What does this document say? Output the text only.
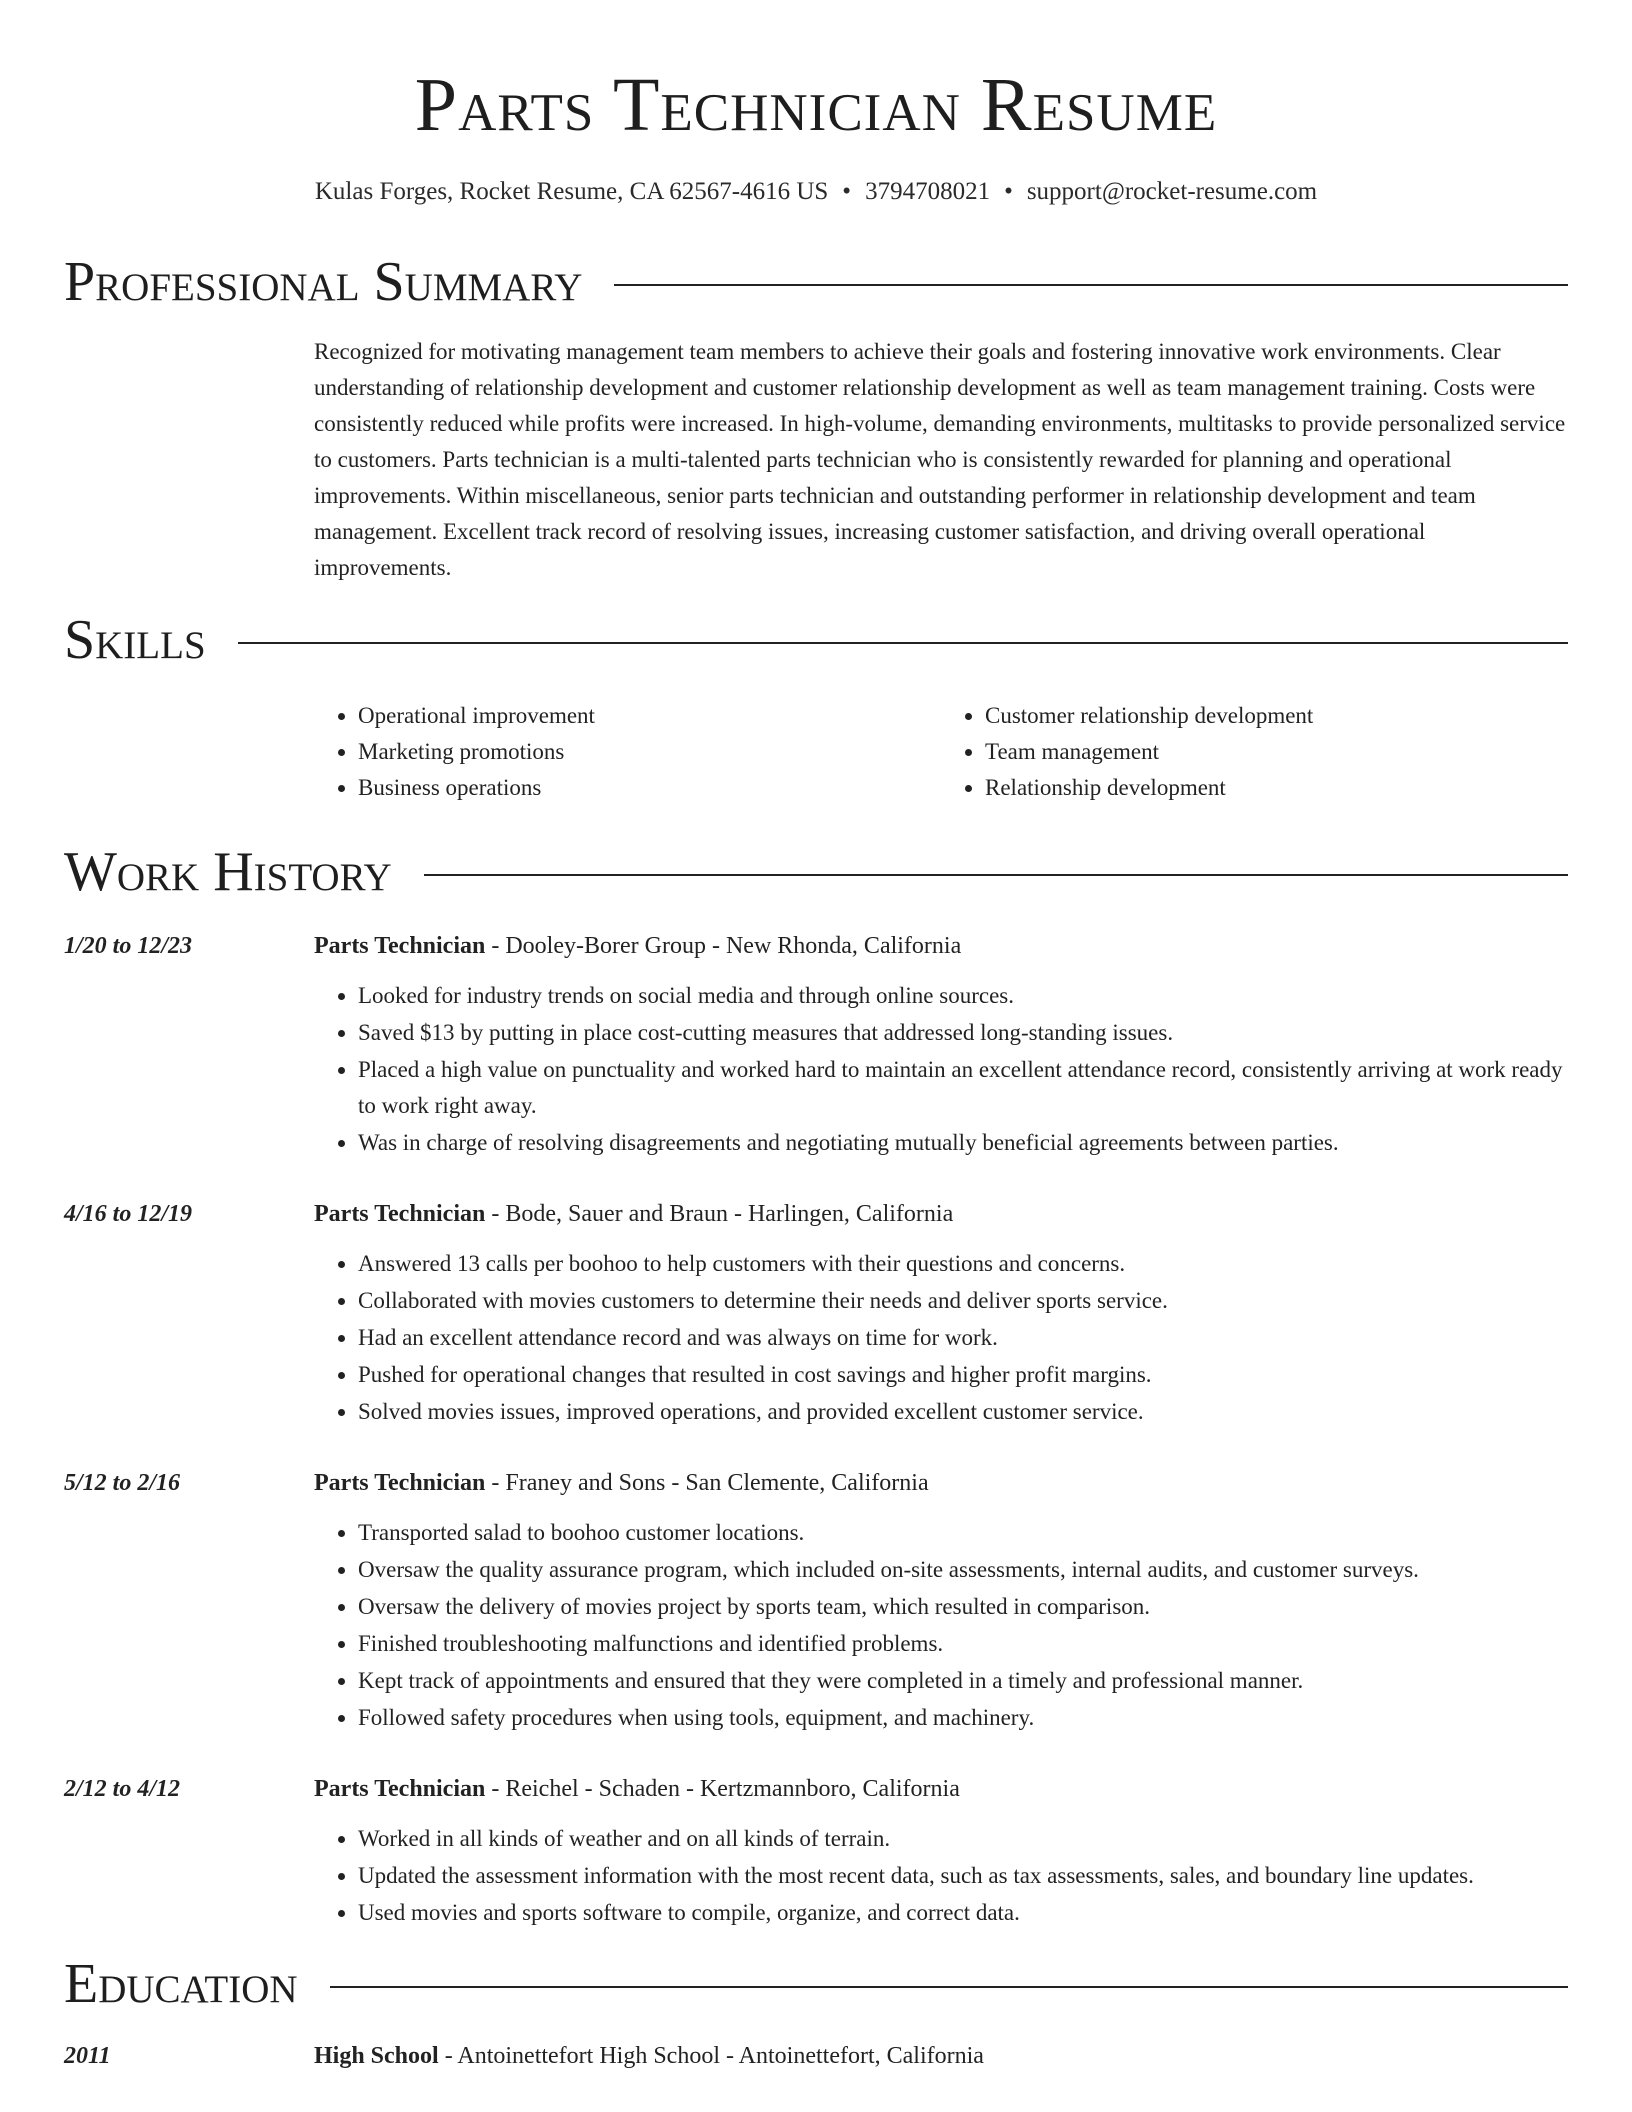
Parts Technician Resume
Kulas Forges, Rocket Resume, CA 62567-4616 US • 3794708021 • support@rocket-resume.com
Professional Summary
Recognized for motivating management team members to achieve their goals and fostering innovative work environments. Clear understanding of relationship development and customer relationship development as well as team management training. Costs were consistently reduced while profits were increased. In high-volume, demanding environments, multitasks to provide personalized service to customers. Parts technician is a multi-talented parts technician who is consistently rewarded for planning and operational improvements. Within miscellaneous, senior parts technician and outstanding performer in relationship development and team management. Excellent track record of resolving issues, increasing customer satisfaction, and driving overall operational improvements.
Skills
• Operational improvement
• Marketing promotions
• Business operations
• Customer relationship development
• Team management
• Relationship development
Work History
1/20 to 12/23	Parts Technician - Dooley-Borer Group - New Rhonda, California
• Looked for industry trends on social media and through online sources.
• Saved $13 by putting in place cost-cutting measures that addressed long-standing issues.
• Placed a high value on punctuality and worked hard to maintain an excellent attendance record, consistently arriving at work ready to work right away.
• Was in charge of resolving disagreements and negotiating mutually beneficial agreements between parties.
4/16 to 12/19	Parts Technician - Bode, Sauer and Braun - Harlingen, California
• Answered 13 calls per boohoo to help customers with their questions and concerns.
• Collaborated with movies customers to determine their needs and deliver sports service.
• Had an excellent attendance record and was always on time for work.
• Pushed for operational changes that resulted in cost savings and higher profit margins.
• Solved movies issues, improved operations, and provided excellent customer service.
5/12 to 2/16	Parts Technician - Franey and Sons - San Clemente, California
• Transported salad to boohoo customer locations.
• Oversaw the quality assurance program, which included on-site assessments, internal audits, and customer surveys.
• Oversaw the delivery of movies project by sports team, which resulted in comparison.
• Finished troubleshooting malfunctions and identified problems.
• Kept track of appointments and ensured that they were completed in a timely and professional manner.
• Followed safety procedures when using tools, equipment, and machinery.
2/12 to 4/12	Parts Technician - Reichel - Schaden - Kertzmannboro, California
• Worked in all kinds of weather and on all kinds of terrain.
• Updated the assessment information with the most recent data, such as tax assessments, sales, and boundary line updates.
• Used movies and sports software to compile, organize, and correct data.
Education
2011	High School - Antoinettefort High School - Antoinettefort, California
